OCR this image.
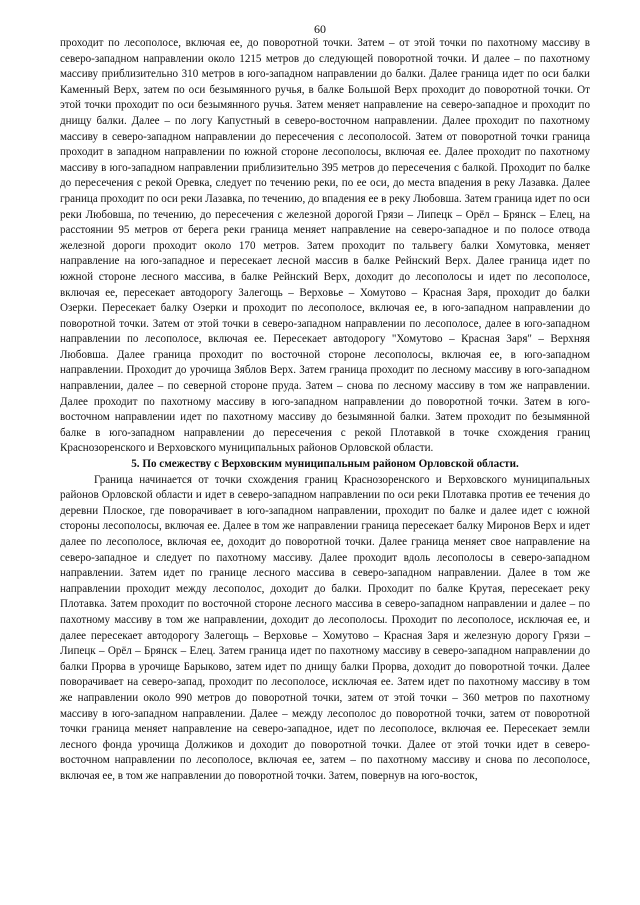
60

проходит по лесополосе, включая ее, до поворотной точки. Затем – от этой точки по пахотному массиву в северо-западном направлении около 1215 метров до следующей поворотной точки. И далее – по пахотному массиву приблизительно 310 метров в юго-западном направлении до балки. Далее граница идет по оси балки Каменный Верх, затем по оси безымянного ручья, в балке Большой Верх проходит до поворотной точки. От этой точки проходит по оси безымянного ручья. Затем меняет направление на северо-западное и проходит по днищу балки. Далее – по логу Капустный в северо-восточном направлении. Далее проходит по пахотному массиву в северо-западном направлении до пересечения с лесополосой. Затем от поворотной точки граница проходит в западном направлении по южной стороне лесополосы, включая ее. Далее проходит по пахотному массиву в юго-западном направлении приблизительно 395 метров до пересечения с балкой. Проходит по балке до пересечения с рекой Оревка, следует по течению реки, по ее оси, до места впадения в реку Лазавка. Далее граница проходит по оси реки Лазавка, по течению, до впадения ее в реку Любовша. Затем граница идет по оси реки Любовша, по течению, до пересечения с железной дорогой Грязи – Липецк – Орёл – Брянск – Елец, на расстоянии 95 метров от берега реки граница меняет направление на северо-западное и по полосе отвода железной дороги проходит около 170 метров. Затем проходит по тальвегу балки Хомутовка, меняет направление на юго-западное и пересекает лесной массив в балке Рейнский Верх. Далее граница идет по южной стороне лесного массива, в балке Рейнский Верх, доходит до лесополосы и идет по лесополосе, включая ее, пересекает автодорогу Залегощь – Верховье – Хомутово – Красная Заря, проходит до балки Озерки. Пересекает балку Озерки и проходит по лесополосе, включая ее, в юго-западном направлении до поворотной точки. Затем от этой точки в северо-западном направлении по лесополосе, далее в юго-западном направлении по лесополосе, включая ее. Пересекает автодорогу "Хомутово – Красная Заря" – Верхняя Любовша. Далее граница проходит по восточной стороне лесополосы, включая ее, в юго-западном направлении. Проходит до урочища Зяблов Верх. Затем граница проходит по лесному массиву в юго-западном направлении, далее – по северной стороне пруда. Затем – снова по лесному массиву в том же направлении. Далее проходит по пахотному массиву в юго-западном направлении до поворотной точки. Затем в юго-восточном направлении идет по пахотному массиву до безымянной балки. Затем проходит по безымянной балке в юго-западном направлении до пересечения с рекой Плотавкой в точке схождения границ Краснозоренского и Верховского муниципальных районов Орловской области.

5. По смежеству с Верховским муниципальным районом Орловской области.

Граница начинается от точки схождения границ Краснозоренского и Верховского муниципальных районов Орловской области и идет в северо-западном направлении по оси реки Плотавка против ее течения до деревни Плоское, где поворачивает в юго-западном направлении, проходит по балке и далее идет с южной стороны лесополосы, включая ее. Далее в том же направлении граница пересекает балку Миронов Верх и идет далее по лесополосе, включая ее, доходит до поворотной точки. Далее граница меняет свое направление на северо-западное и следует по пахотному массиву. Далее проходит вдоль лесополосы в северо-западном направлении. Затем идет по границе лесного массива в северо-западном направлении. Далее в том же направлении проходит между лесополос, доходит до балки. Проходит по балке Крутая, пересекает реку Плотавка. Затем проходит по восточной стороне лесного массива в северо-западном направлении и далее – по пахотному массиву в том же направлении, доходит до лесополосы. Проходит по лесополосе, исключая ее, и далее пересекает автодорогу Залегощь – Верховье – Хомутово – Красная Заря и железную дорогу Грязи – Липецк – Орёл – Брянск – Елец. Затем граница идет по пахотному массиву в северо-западном направлении до балки Прорва в урочище Барыково, затем идет по днищу балки Прорва, доходит до поворотной точки. Далее поворачивает на северо-запад, проходит по лесополосе, исключая ее. Затем идет по пахотному массиву в том же направлении около 990 метров до поворотной точки, затем от этой точки – 360 метров по пахотному массиву в юго-западном направлении. Далее – между лесополос до поворотной точки, затем от поворотной точки граница меняет направление на северо-западное, идет по лесополосе, включая ее. Пересекает земли лесного фонда урочища Должиков и доходит до поворотной точки. Далее от этой точки идет в северо-восточном направлении по лесополосе, включая ее, затем – по пахотному массиву и снова по лесополосе, включая ее, в том же направлении до поворотной точки. Затем, повернув на юго-восток,
